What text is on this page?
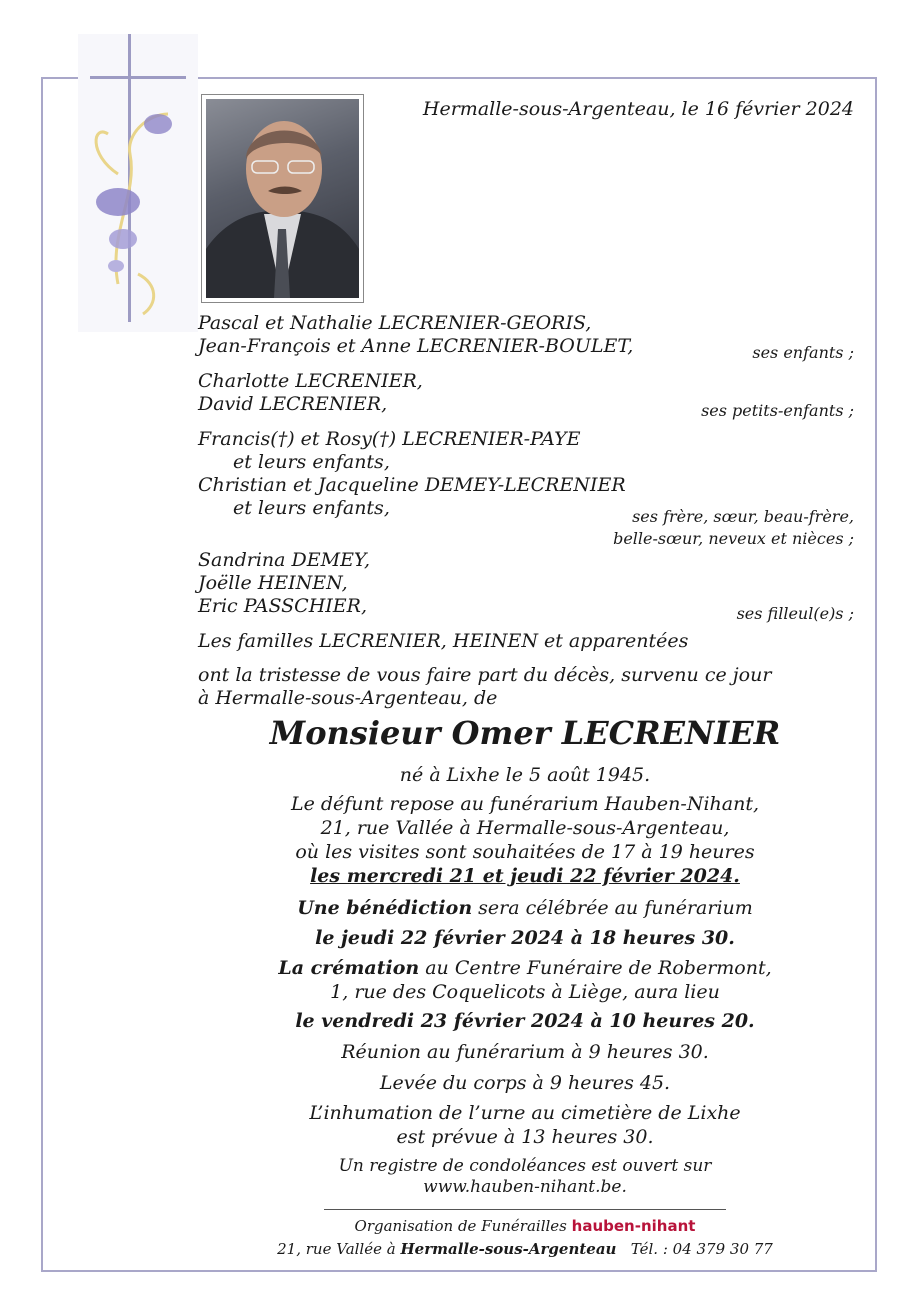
Hermalle-sous-Argenteau, le 16 février 2024
Pascal et Nathalie LECRENIER-GEORIS,
Jean-François et Anne LECRENIER-BOULET,	ses enfants ;
Charlotte LECRENIER,
David LECRENIER,	ses petits-enfants ;
Francis(†) et Rosy(†) LECRENIER-PAYE
et leurs enfants,
Christian et Jacqueline DEMEY-LECRENIER
et leurs enfants,	ses frère, sœur, beau-frère,
belle-sœur, neveux et nièces ;
Sandrina DEMEY,
Joëlle HEINEN,
Eric PASSCHIER,	ses filleul(e)s ;
Les familles LECRENIER, HEINEN et apparentées
ont la tristesse de vous faire part du décès, survenu ce jour
à Hermalle-sous-Argenteau, de
Monsieur Omer LECRENIER
né à Lixhe le 5 août 1945.
Le défunt repose au funérarium Hauben-Nihant,
21, rue Vallée à Hermalle-sous-Argenteau,
où les visites sont souhaitées de 17 à 19 heures
les mercredi 21 et jeudi 22 février 2024.
Une bénédiction sera célébrée au funérarium
le jeudi 22 février 2024 à 18 heures 30.
La crémation au Centre Funéraire de Robermont,
1, rue des Coquelicots à Liège, aura lieu
le vendredi 23 février 2024 à 10 heures 20.
Réunion au funérarium à 9 heures 30.
Levée du corps à 9 heures 45.
L’inhumation de l’urne au cimetière de Lixhe
est prévue à 13 heures 30.
Un registre de condoléances est ouvert sur
www.hauben-nihant.be.
Organisation de Funérailles hauben-nihant
21, rue Vallée à Hermalle-sous-Argenteau Tél. : 04 379 30 77
